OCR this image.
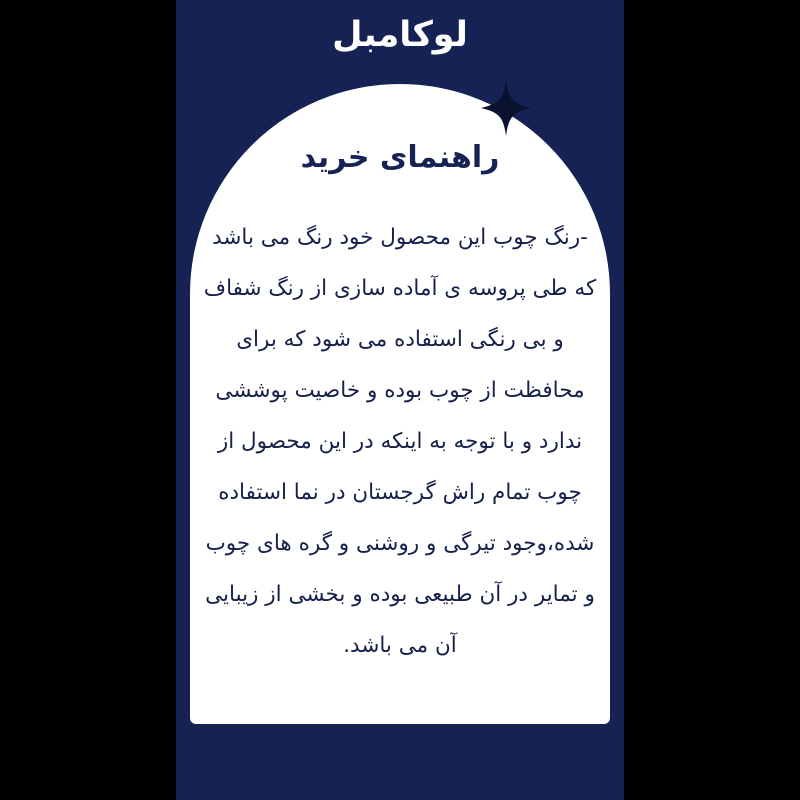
لوکامبل
راهنمای خرید
-رنگ چوب این محصول خود رنگ می باشد که طی پروسه ی آماده سازی از رنگ شفاف و بی رنگی استفاده می شود که برای محافظت از چوب بوده و خاصیت پوششی ندارد و با توجه به اینکه در این محصول از چوب تمام راش گرجستان در نما استفاده شده،وجود تیرگی و روشنی و گره های چوب و تمایر در آن طبیعی بوده و بخشی از زیبایی آن می باشد.
